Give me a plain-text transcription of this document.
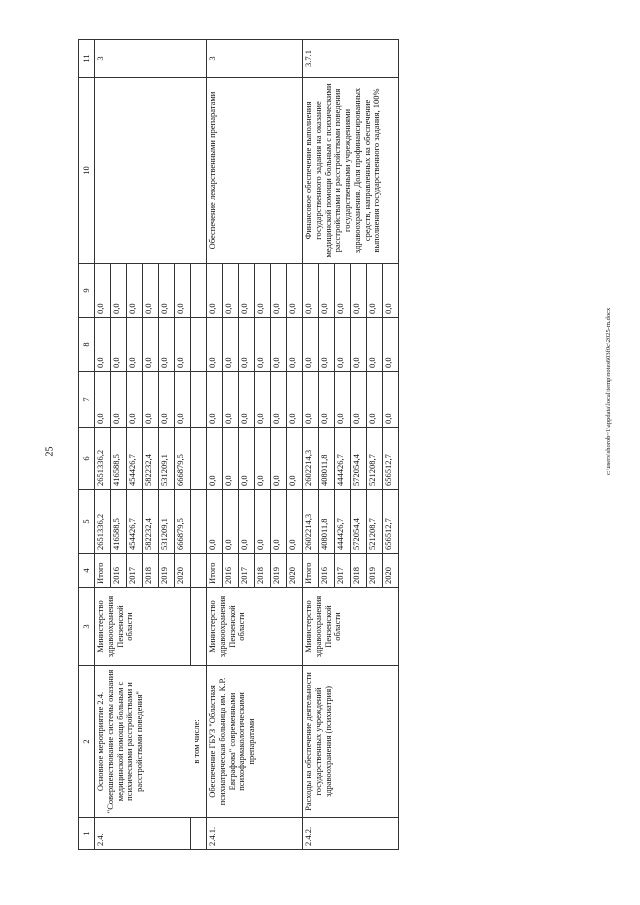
25
1	2	3	4	5	6	7	8	9	10	11
2.4.	Основное мероприятие 2.4. "Совершенствование системы оказания медицинской помощи больным с психическими расстройствами и расстройствами поведения"	Министерство здравоохранения Пензенской области	Итого	2651336,2	2651336,2	0,0	0,0	0,0		3
			2016	416588,5	416588,5	0,0	0,0	0,0		
			2017	454426,7	454426,7	0,0	0,0	0,0		
			2018	582232,4	582232,4	0,0	0,0	0,0		
			2019	531209,1	531209,1	0,0	0,0	0,0		
			2020	666879,5	666879,5	0,0	0,0	0,0		
	в том числе:									
2.4.1.	Обеспечение ГБУЗ "Областная психиатрическая больница им. К.Р. Евграфова" современными психофармакологическими препаратами	Министерство здравоохранения Пензенской области	Итого	0,0	0,0	0,0	0,0	0,0	Обеспечение лекарственными препаратами	3
			2016	0,0	0,0	0,0	0,0	0,0		
			2017	0,0	0,0	0,0	0,0	0,0		
			2018	0,0	0,0	0,0	0,0	0,0		
			2019	0,0	0,0	0,0	0,0	0,0		
			2020	0,0	0,0	0,0	0,0	0,0		
2.4.2.	Расходы на обеспечение деятельности государственных учреждений здравоохранения (психиатрия)	Министерство здравоохранения Пензенской области	Итого	2602214,3	2602214,3	0,0	0,0	0,0	Финансовое обеспечение выполнения государственного задания на оказание медицинской помощи больным с психическими расстройствами и расстройствами поведения государственными учреждениями здравоохранения. Доля профинансированных средств, направленных на обеспечение выполнения государственного задания, 100%	3.7.1
			2016	408011,8	408011,8	0,0	0,0	0,0		
			2017	444426,7	444426,7	0,0	0,0	0,0		
			2018	572054,4	572054,4	0,0	0,0	0,0		
			2019	521208,7	521208,7	0,0	0,0	0,0		
			2020	656512,7	656512,7	0,0	0,0	0,0			c:\users\shorob~1\appdata\local\temp\notes603f0c\2025-m.docx
